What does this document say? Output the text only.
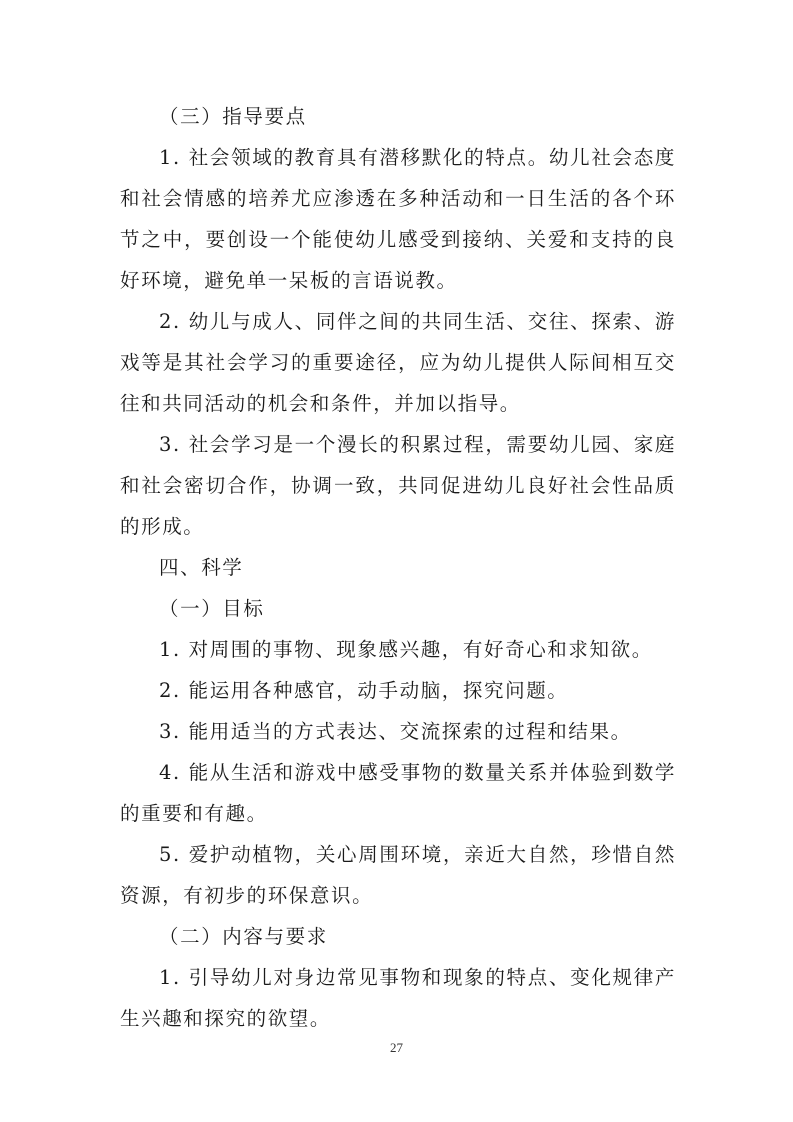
（三）指导要点

1. 社会领域的教育具有潜移默化的特点。幼儿社会态度和社会情感的培养尤应渗透在多种活动和一日生活的各个环节之中，要创设一个能使幼儿感受到接纳、关爱和支持的良好环境，避免单一呆板的言语说教。

2. 幼儿与成人、同伴之间的共同生活、交往、探索、游戏等是其社会学习的重要途径，应为幼儿提供人际间相互交往和共同活动的机会和条件，并加以指导。

3. 社会学习是一个漫长的积累过程，需要幼儿园、家庭和社会密切合作，协调一致，共同促进幼儿良好社会性品质的形成。

四、科学

（一）目标

1. 对周围的事物、现象感兴趣，有好奇心和求知欲。

2. 能运用各种感官，动手动脑，探究问题。

3. 能用适当的方式表达、交流探索的过程和结果。

4. 能从生活和游戏中感受事物的数量关系并体验到数学的重要和有趣。

5. 爱护动植物，关心周围环境，亲近大自然，珍惜自然资源，有初步的环保意识。

（二）内容与要求

1. 引导幼儿对身边常见事物和现象的特点、变化规律产生兴趣和探究的欲望。

27
